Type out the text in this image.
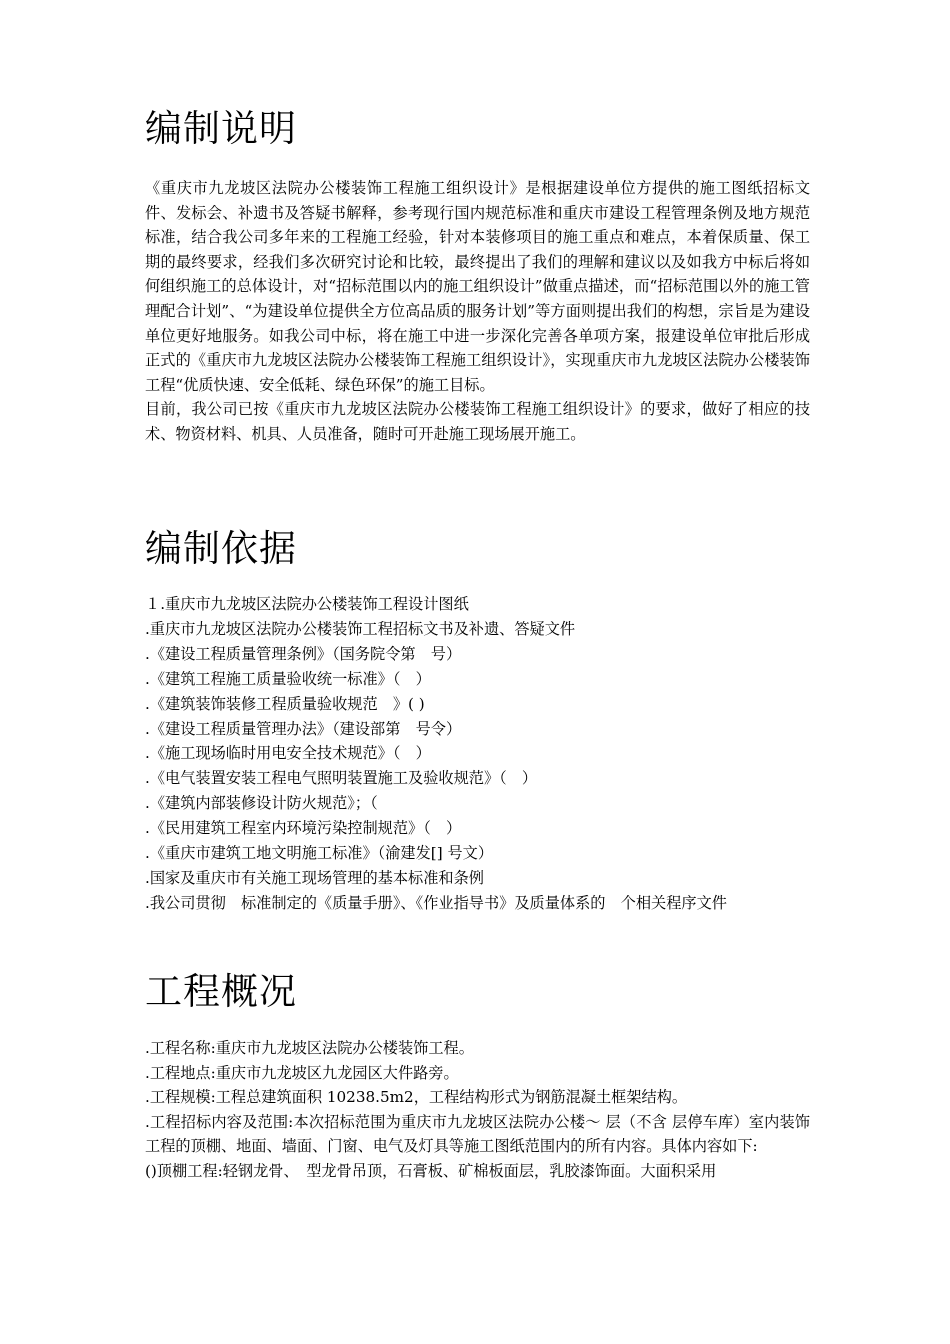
编制说明

《重庆市九龙坡区法院办公楼装饰工程施工组织设计》是根据建设单位方提供的施工图纸招标文件、发标会、补遗书及答疑书解释，参考现行国内规范标准和重庆市建设工程管理条例及地方规范标准，结合我公司多年来的工程施工经验，针对本装修项目的施工重点和难点，本着保质量、保工期的最终要求，经我们多次研究讨论和比较，最终提出了我们的理解和建议以及如我方中标后将如何组织施工的总体设计，对“招标范围以内的施工组织设计”做重点描述，而“招标范围以外的施工管理配合计划”、“为建设单位提供全方位高品质的服务计划”等方面则提出我们的构想，宗旨是为建设单位更好地服务。如我公司中标，将在施工中进一步深化完善各单项方案，报建设单位审批后形成正式的《重庆市九龙坡区法院办公楼装饰工程施工组织设计》，实现重庆市九龙坡区法院办公楼装饰工程“优质快速、安全低耗、绿色环保”的施工目标。

目前，我公司已按《重庆市九龙坡区法院办公楼装饰工程施工组织设计》的要求，做好了相应的技术、物资材料、机具、人员准备，随时可开赴施工现场展开施工。

编制依据

１.重庆市九龙坡区法院办公楼装饰工程设计图纸

.重庆市九龙坡区法院办公楼装饰工程招标文书及补遗、答疑文件

.《建设工程质量管理条例》（国务院令第　号）

.《建筑工程施工质量验收统一标准》（　）

.《建筑装饰装修工程质量验收规范　》( )

.《建设工程质量管理办法》（建设部第　号令）

.《施工现场临时用电安全技术规范》（　）

.《电气装置安装工程电气照明装置施工及验收规范》（　）

.《建筑内部装修设计防火规范》；（

.《民用建筑工程室内环境污染控制规范》（　）

.《重庆市建筑工地文明施工标准》（渝建发[] 号文）

.国家及重庆市有关施工现场管理的基本标准和条例

.我公司贯彻　标准制定的《质量手册》、《作业指导书》及质量体系的　个相关程序文件

工程概况

.工程名称:重庆市九龙坡区法院办公楼装饰工程。

.工程地点:重庆市九龙坡区九龙园区大件路旁。

.工程规模:工程总建筑面积 10238.5m2，工程结构形式为钢筋混凝土框架结构。

.工程招标内容及范围:本次招标范围为重庆市九龙坡区法院办公楼～ 层（不含 层停车库）室内装饰工程的顶棚、地面、墙面、门窗、电气及灯具等施工图纸范围内的所有内容。具体内容如下:

()顶棚工程:轻钢龙骨、　型龙骨吊顶，石膏板、矿棉板面层，乳胶漆饰面。大面积采用
